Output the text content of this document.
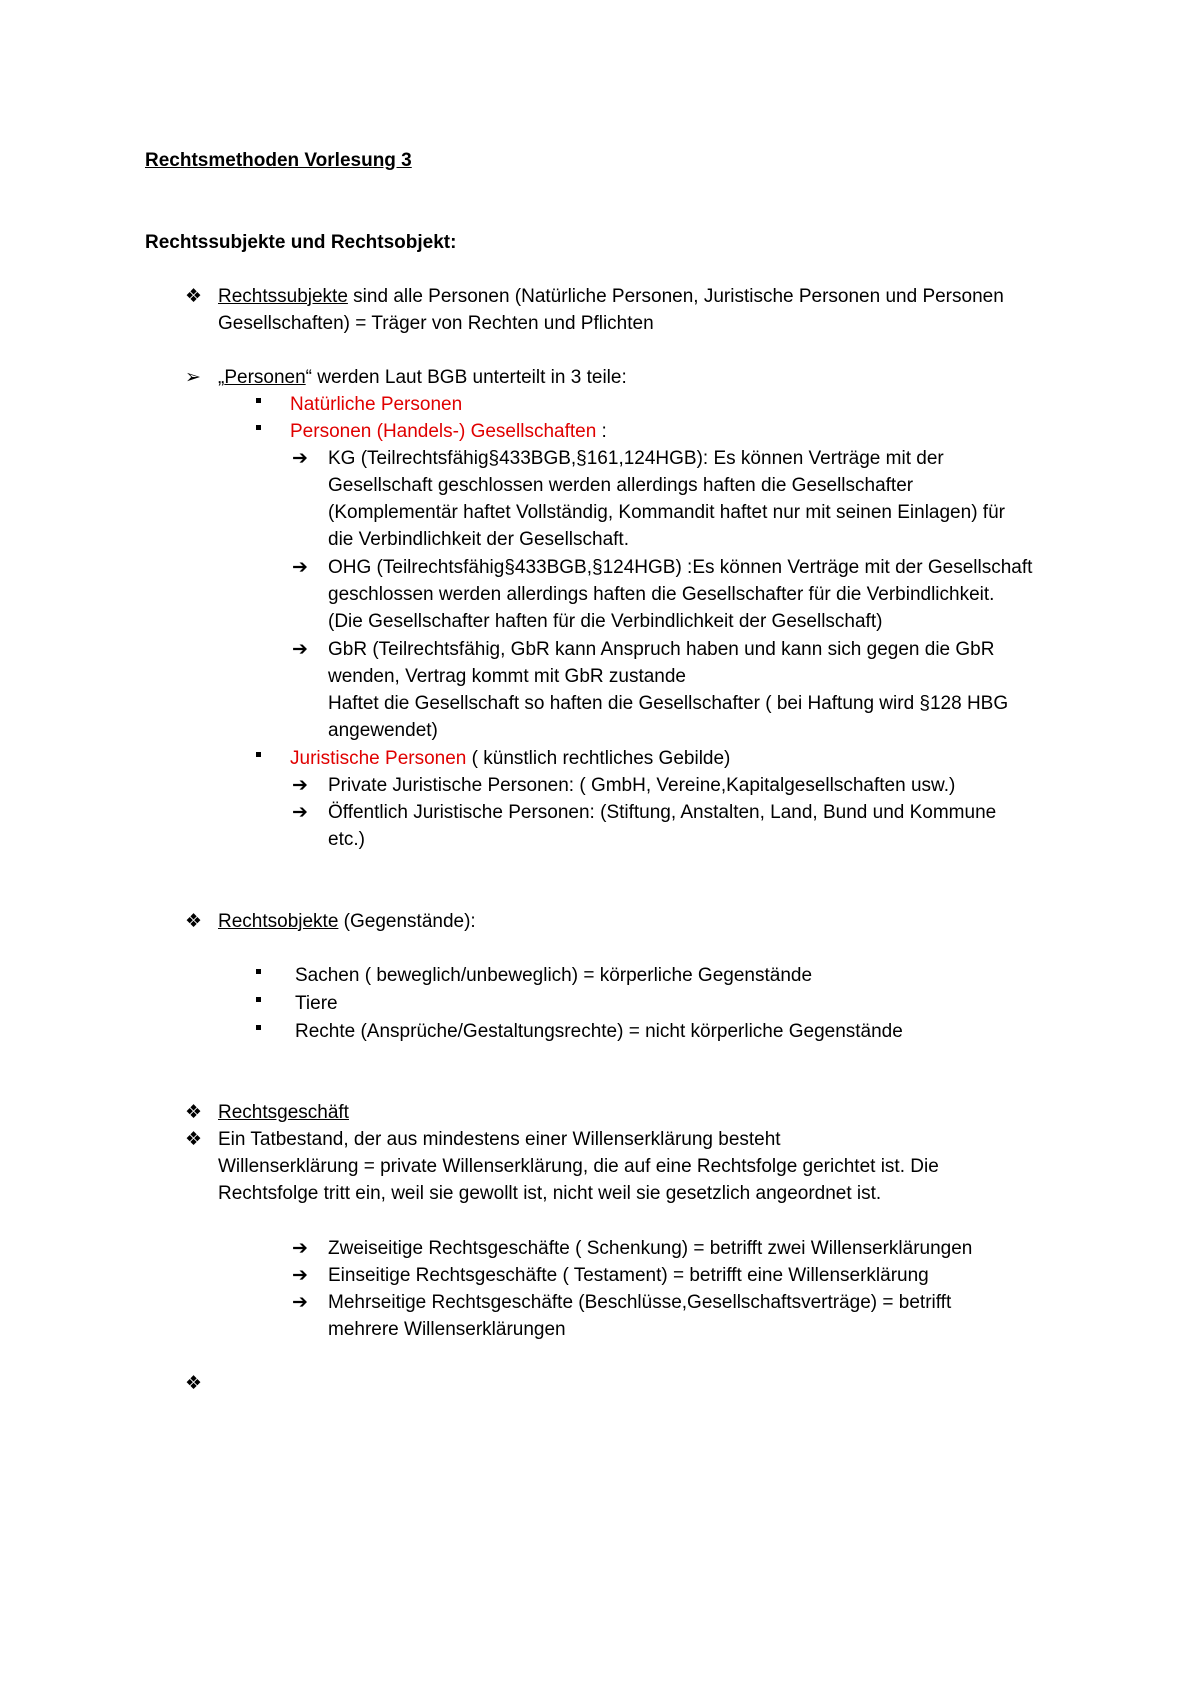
Rechtsmethoden Vorlesung 3
Rechtssubjekte und Rechtsobjekt:
❖ Rechtssubjekte sind alle Personen (Natürliche Personen, Juristische Personen und Personen
Gesellschaften) = Träger von Rechten und Pflichten
➢ „Personen“ werden Laut BGB unterteilt in 3 teile:
Natürliche Personen
Personen (Handels-) Gesellschaften :
➔ KG (Teilrechtsfähig§433BGB,§161,124HGB): Es können Verträge mit der
Gesellschaft geschlossen werden allerdings haften die Gesellschafter
(Komplementär haftet Vollständig, Kommandit haftet nur mit seinen Einlagen) für
die Verbindlichkeit der Gesellschaft.
➔ OHG (Teilrechtsfähig§433BGB,§124HGB) :Es können Verträge mit der Gesellschaft
geschlossen werden allerdings haften die Gesellschafter für die Verbindlichkeit.
(Die Gesellschafter haften für die Verbindlichkeit der Gesellschaft)
➔ GbR (Teilrechtsfähig, GbR kann Anspruch haben und kann sich gegen die GbR
wenden, Vertrag kommt mit GbR zustande
Haftet die Gesellschaft so haften die Gesellschafter ( bei Haftung wird §128 HBG
angewendet)
Juristische Personen ( künstlich rechtliches Gebilde)
➔ Private Juristische Personen: ( GmbH, Vereine,Kapitalgesellschaften usw.)
➔ Öffentlich Juristische Personen: (Stiftung, Anstalten, Land, Bund und Kommune
etc.)
❖ Rechtsobjekte (Gegenstände):
Sachen ( beweglich/unbeweglich) = körperliche Gegenstände
Tiere
Rechte (Ansprüche/Gestaltungsrechte) = nicht körperliche Gegenstände
❖ Rechtsgeschäft
❖ Ein Tatbestand, der aus mindestens einer Willenserklärung besteht
Willenserklärung = private Willenserklärung, die auf eine Rechtsfolge gerichtet ist. Die
Rechtsfolge tritt ein, weil sie gewollt ist, nicht weil sie gesetzlich angeordnet ist.
➔ Zweiseitige Rechtsgeschäfte ( Schenkung) = betrifft zwei Willenserklärungen
➔ Einseitige Rechtsgeschäfte ( Testament) = betrifft eine Willenserklärung
➔ Mehrseitige Rechtsgeschäfte (Beschlüsse,Gesellschaftsverträge) = betrifft
mehrere Willenserklärungen
❖
